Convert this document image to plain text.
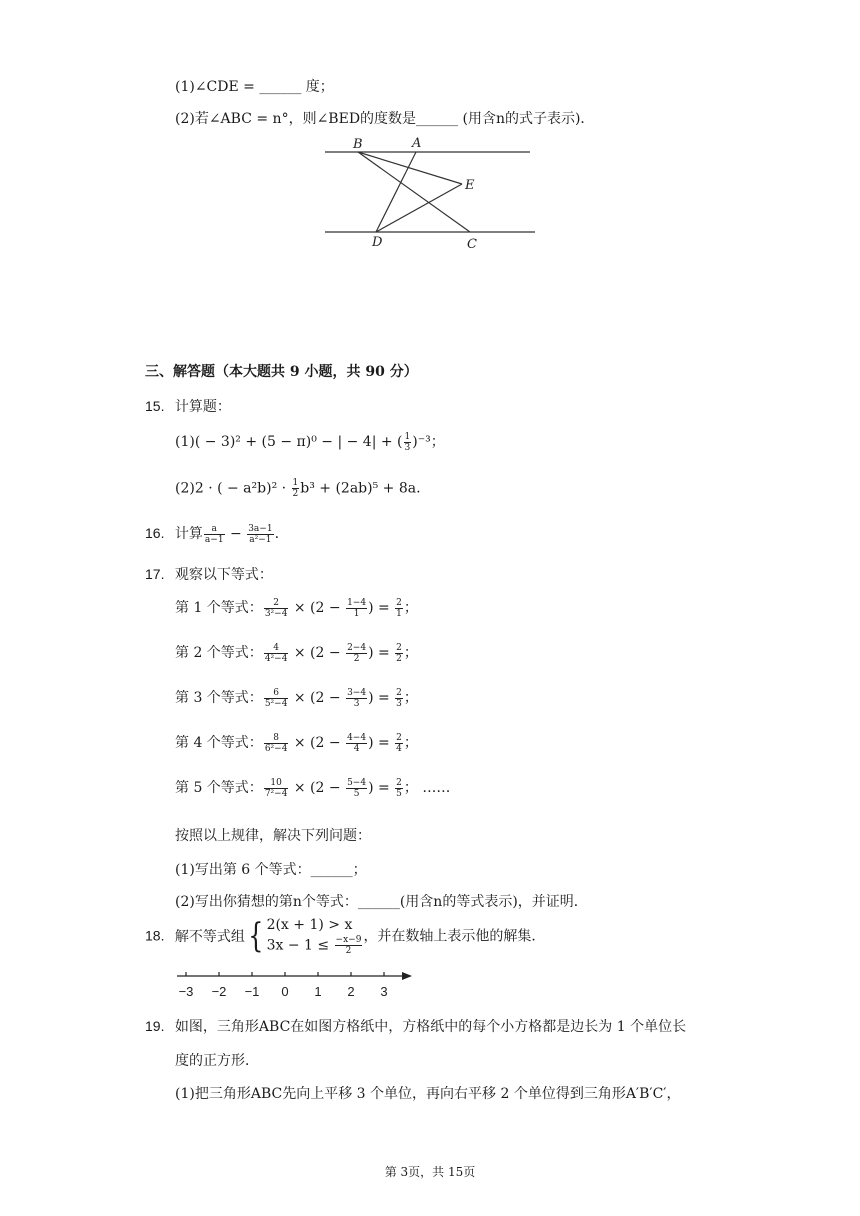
(1)∠CDE = ______ 度；
(2)若∠ABC = n°，则∠BED的度数是______ (用含n的式子表示)．
B	A
E
D	C
三、解答题（本大题共 9 小题，共 90 分）
15. 计算题：
(1)( − 3)² + (5 − π)⁰ − | − 4| + ( $\frac{1}{3} )^{-3}$；
(2)2 · ( − $a^2b)^2 \cdot \frac{1}{2} b^3 + (2ab)^5 + 8a$.
16. 计算 $\frac{a}{a-1} - \frac{3a-1}{\text{a²−1}}$ .
17. 观察以下等式：
第 1 个等式： $\frac{2}{\text{3²−4}} \times (2 - \frac{1-4}{1}$ ) = $\frac{2}{1}$ ；
第 2 个等式： $\frac{4}{\text{4²−4}} \times (2 - \frac{2-4}{2}$ ) = $\frac{2}{2}$ ；
第 3 个等式： $\frac{6}{\text{5²−4}} \times (2 - \frac{3-4}{3}$ ) = $\frac{2}{3}$ ；
第 4 个等式： $\frac{8}{\text{6²−4}} \times (2 - \frac{4-4}{4}$ ) = $\frac{2}{4}$ ；
第 5 个等式： $\frac{10}{\text{7²−4}} \times (2 - \frac{5-4}{5}$ ) = $\frac{2}{5}$ ； ……
按照以上规律，解决下列问题：
(1)写出第 6 个等式：______；
(2)写出你猜想的第n个等式：______(用含n的等式表示)，并证明．
18. 解不等式组{ 2(x + 1) > x
$3x - 1 \le \frac{-x-9}{2}$ ，并在数轴上表示他的解集．
−3 −2 −1 0 1 2 3
19. 如图，三角形ABC在如图方格纸中，方格纸中的每个小方格都是边长为 1 个单位长
度的正方形．
(1)把三角形ABC先向上平移 3 个单位，再向右平移 2 个单位得到三角形A′B′C′，
第 3页，共 15页
